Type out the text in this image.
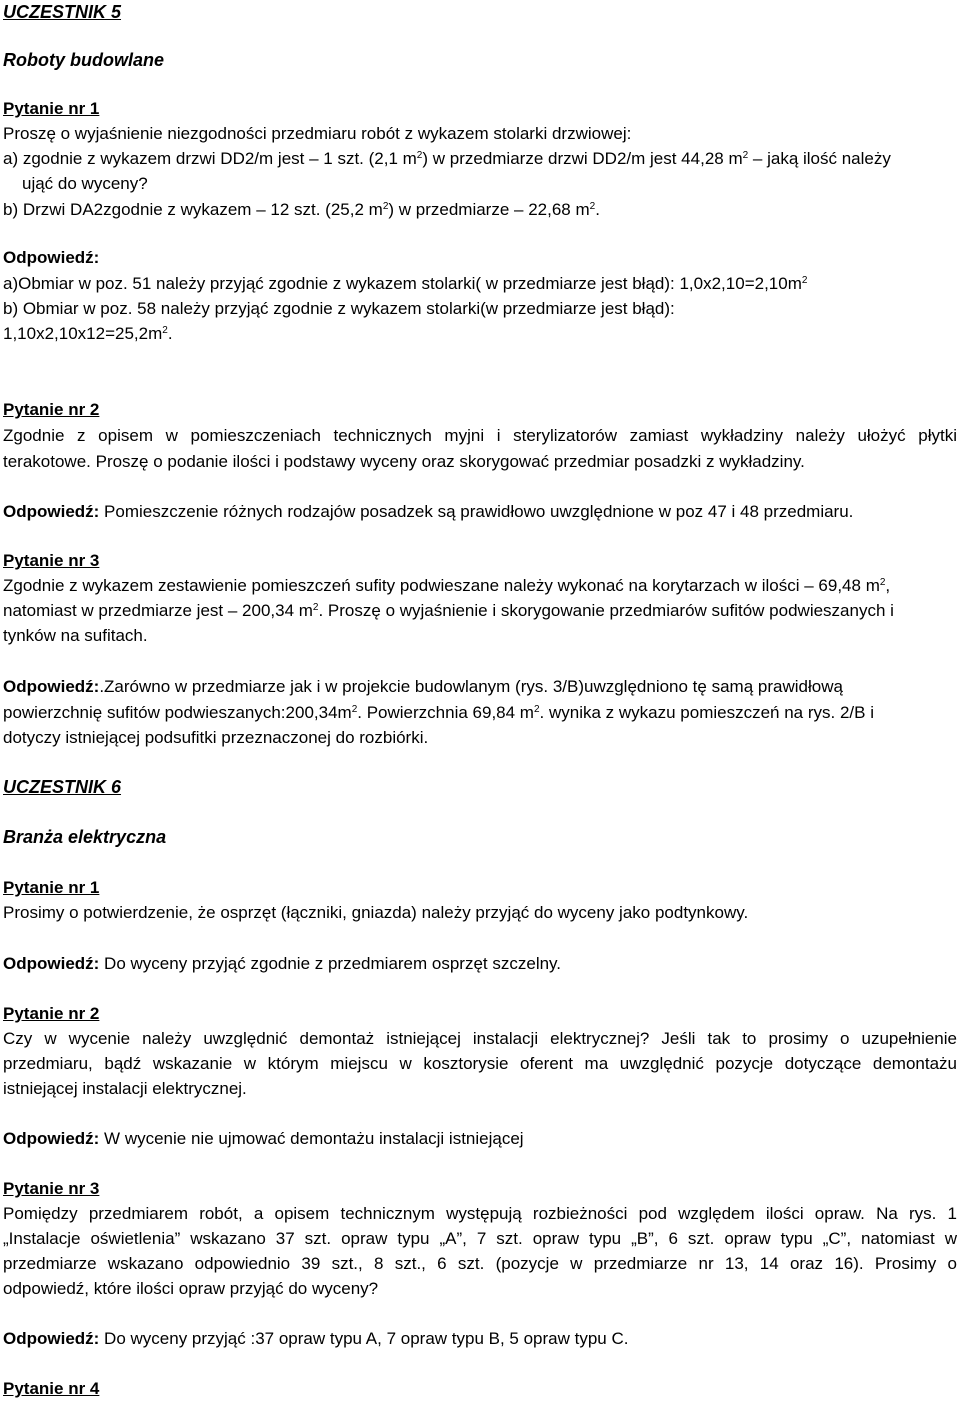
UCZESTNIK 5
Roboty budowlane
Pytanie nr 1
Proszę o wyjaśnienie niezgodności przedmiaru robót z wykazem stolarki drzwiowej:
a) zgodnie z wykazem drzwi DD2/m jest – 1 szt. (2,1 $m^2$) w przedmiarze drzwi DD2/m jest 44,28 $m^2$ – jaką ilość należy
ująć do wyceny?
b) Drzwi DA2zgodnie z wykazem – 12 szt. (25,2 $m^2$) w przedmiarze – 22,68 $m^2$.
Odpowiedź:
a)Obmiar w poz. 51 należy przyjąć zgodnie z wykazem stolarki( w przedmiarze jest błąd): $1,0x2,10=2,10m^2$
b) Obmiar w poz. 58 należy przyjąć zgodnie z wykazem stolarki(w przedmiarze jest błąd):
$1,10x2,10x12=25,2m^2$.
Pytanie nr 2
Zgodnie z opisem w pomieszczeniach technicznych myjni i sterylizatorów zamiast wykładziny należy ułożyć płytki
terakotowe. Proszę o podanie ilości i podstawy wyceny oraz skorygować przedmiar posadzki z wykładziny.
Odpowiedź: Pomieszczenie różnych rodzajów posadzek są prawidłowo uwzględnione w poz 47 i 48 przedmiaru.
Pytanie nr 3
Zgodnie z wykazem zestawienie pomieszczeń sufity podwieszane należy wykonać na korytarzach w ilości – 69,48 $m^2$,
natomiast w przedmiarze jest – 200,34 $m^2$. Proszę o wyjaśnienie i skorygowanie przedmiarów sufitów podwieszanych i
tynków na sufitach.
Odpowiedź:.Zarówno w przedmiarze jak i w projekcie budowlanym (rys. 3/B)uwzględniono tę samą prawidłową
powierzchnię sufitów $podwieszanych:200,34m^2$. Powierzchnia 69,84 $m^2$. wynika z wykazu pomieszczeń na rys. 2/B i
dotyczy istniejącej podsufitki przeznaczonej do rozbiórki.
UCZESTNIK 6
Branża elektryczna
Pytanie nr 1
Prosimy o potwierdzenie, że osprzęt (łączniki, gniazda) należy przyjąć do wyceny jako podtynkowy.
Odpowiedź: Do wyceny przyjąć zgodnie z przedmiarem osprzęt szczelny.
Pytanie nr 2
Czy w wycenie należy uwzględnić demontaż istniejącej instalacji elektrycznej? Jeśli tak to prosimy o uzupełnienie
przedmiaru, bądź wskazanie w którym miejscu w kosztorysie oferent ma uwzględnić pozycje dotyczące demontażu
istniejącej instalacji elektrycznej.
Odpowiedź: W wycenie nie ujmować demontażu instalacji istniejącej
Pytanie nr 3
Pomiędzy przedmiarem robót, a opisem technicznym występują rozbieżności pod względem ilości opraw. Na rys. 1
„Instalacje oświetlenia” wskazano 37 szt. opraw typu „A”, 7 szt. opraw typu „B”, 6 szt. opraw typu „C”, natomiast w
przedmiarze wskazano odpowiednio 39 szt., 8 szt., 6 szt. (pozycje w przedmiarze nr 13, 14 oraz 16). Prosimy o
odpowiedź, które ilości opraw przyjąć do wyceny?
Odpowiedź: Do wyceny przyjąć :37 opraw typu A, 7 opraw typu B, 5 opraw typu C.
Pytanie nr 4
